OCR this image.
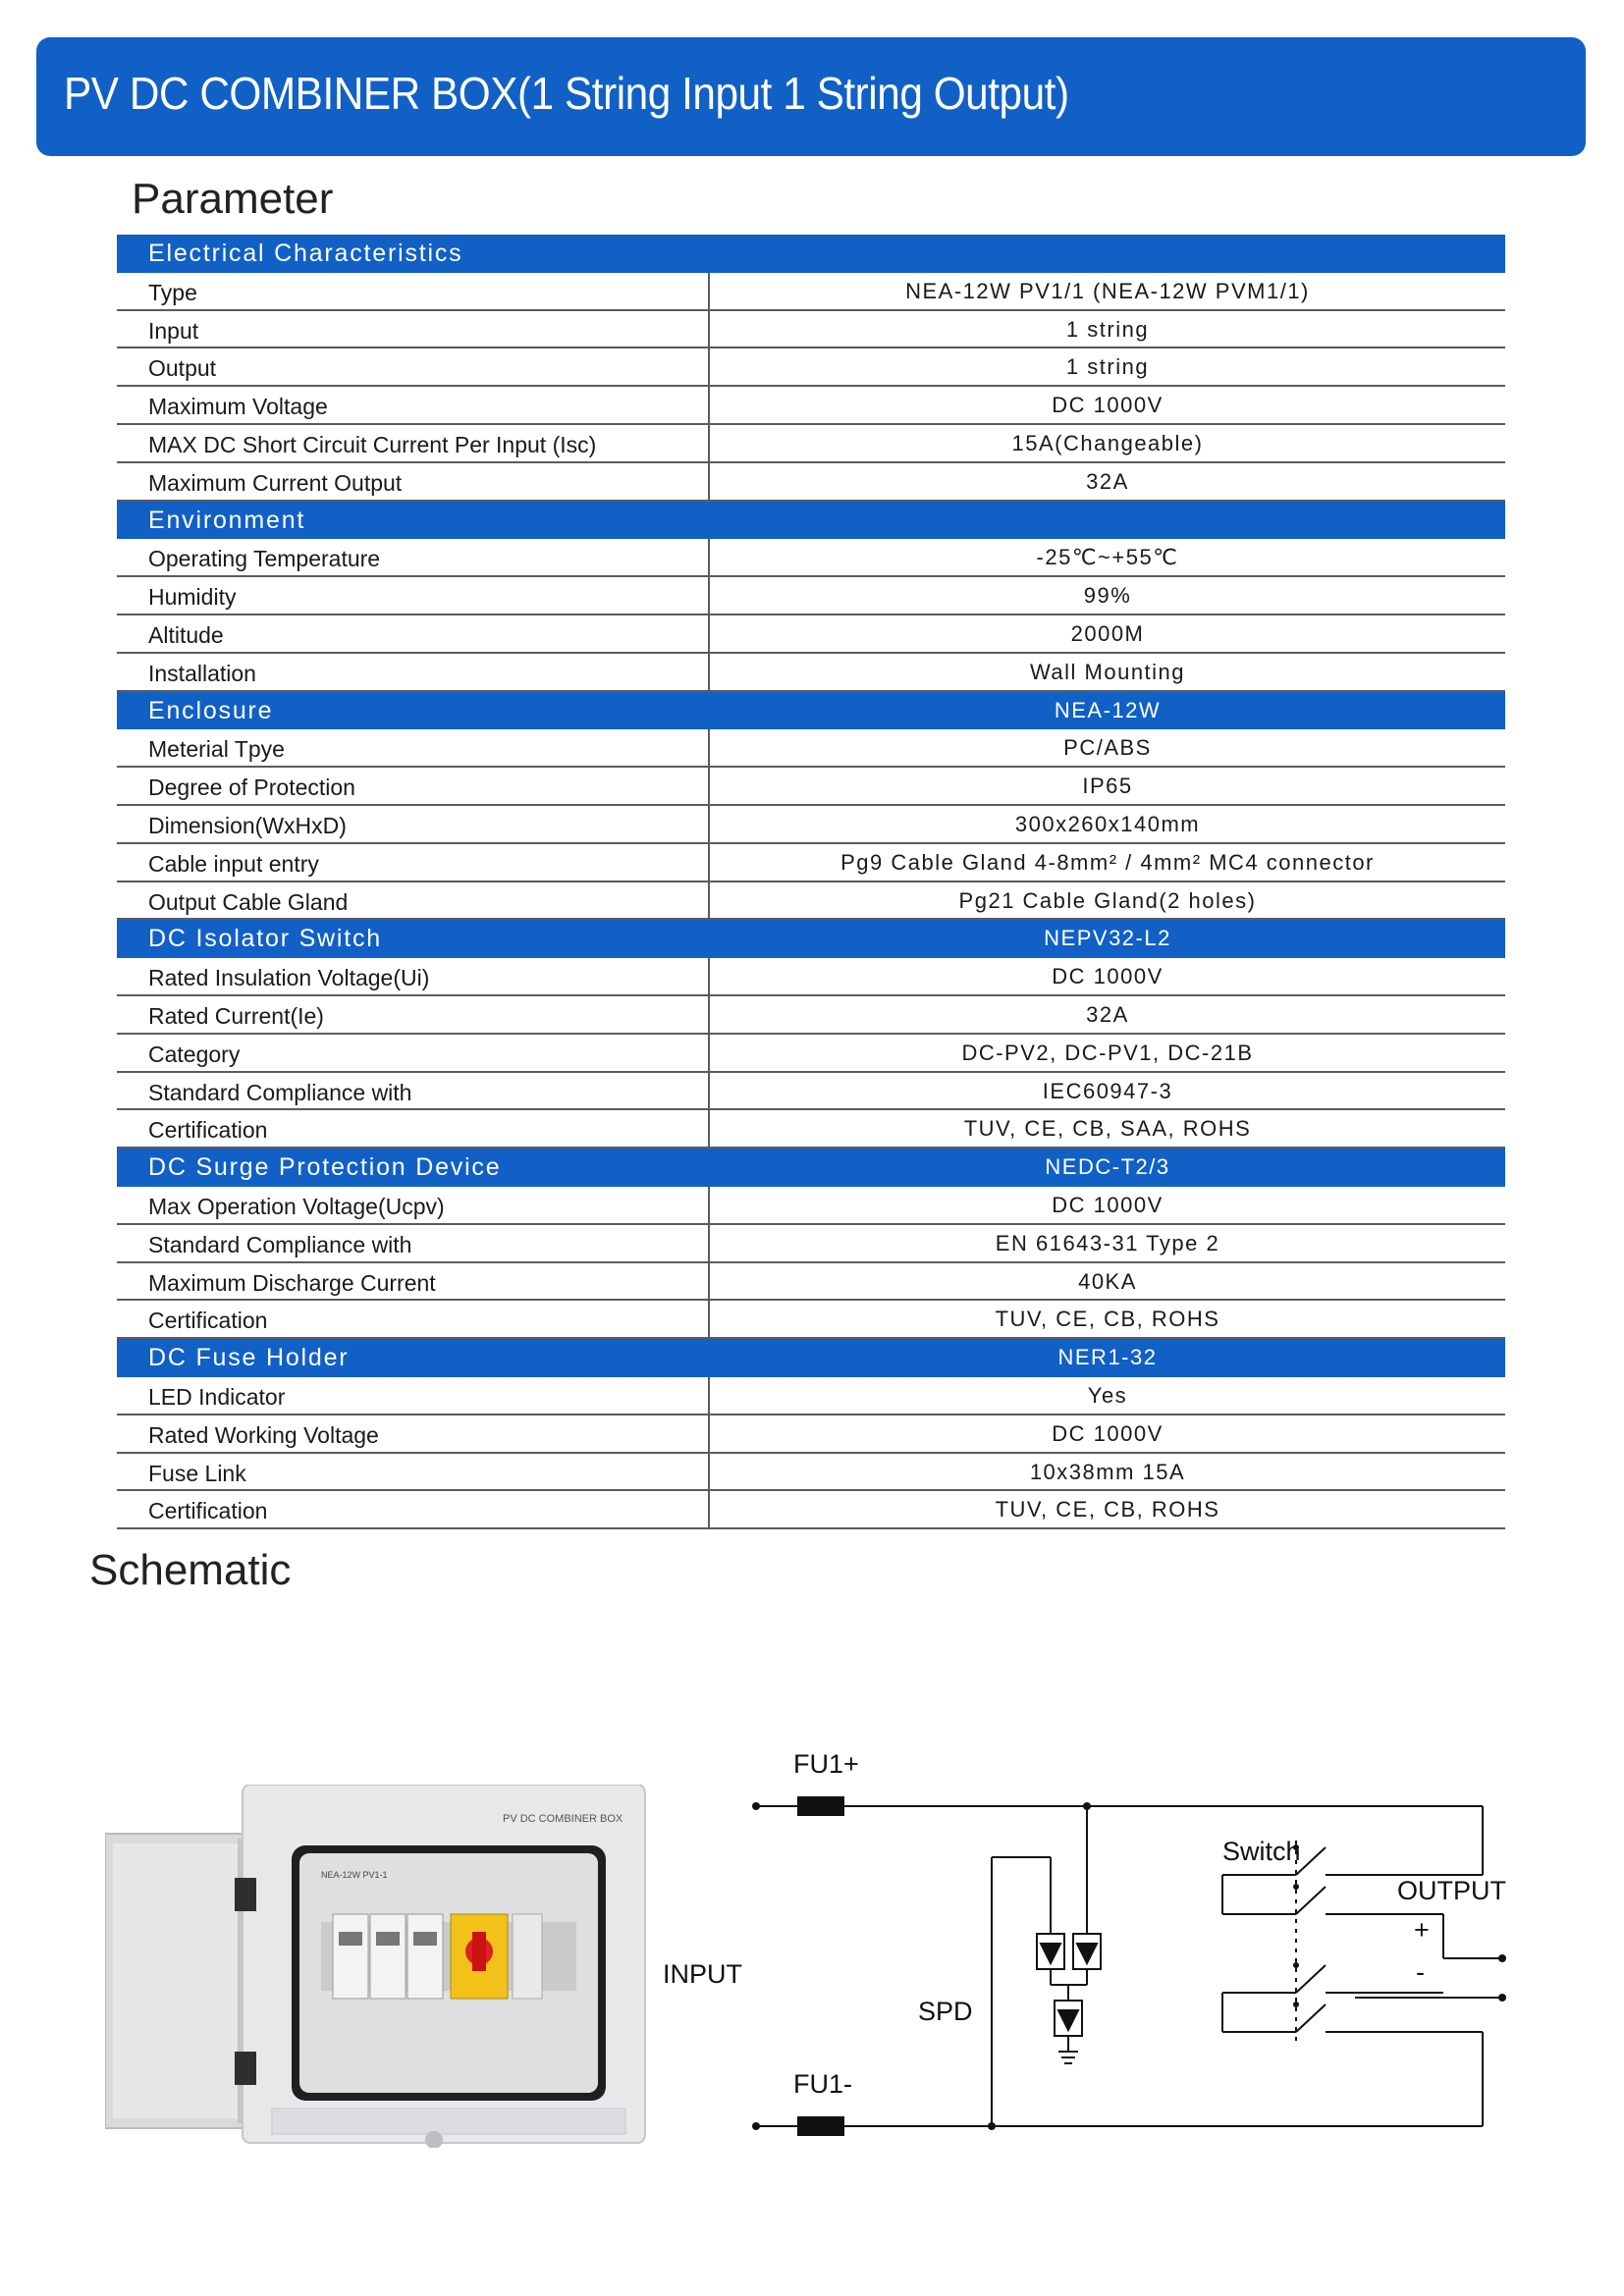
PV DC COMBINER BOX(1 String Input 1 String Output)
Parameter
Electrical Characteristics
Type	NEA-12W PV1/1 (NEA-12W PVM1/1)
Input	1 string
Output	1 string
Maximum Voltage	DC 1000V
MAX DC Short Circuit Current Per Input (Isc)	15A(Changeable)
Maximum Current Output	32A
Environment
Operating Temperature	-25℃~+55℃
Humidity	99%
Altitude	2000M
Installation	Wall Mounting
Enclosure	NEA-12W
Meterial Tpye	PC/ABS
Degree of Protection	IP65
Dimension(WxHxD)	300x260x140mm
Cable input entry	Pg9 Cable Gland 4-8mm² / 4mm² MC4 connector
Output Cable Gland	Pg21 Cable Gland(2 holes)
DC Isolator Switch	NEPV32-L2
Rated Insulation Voltage(Ui)	DC 1000V
Rated Current(Ie)	32A
Category	DC-PV2, DC-PV1, DC-21B
Standard Compliance with	IEC60947-3
Certification	TUV, CE, CB, SAA, ROHS
DC Surge Protection Device	NEDC-T2/3
Max Operation Voltage(Ucpv)	DC 1000V
Standard Compliance with	EN 61643-31 Type 2
Maximum Discharge Current	40KA
Certification	TUV, CE, CB, ROHS
DC Fuse Holder	NER1-32
LED Indicator	Yes
Rated Working Voltage	DC 1000V
Fuse Link	10x38mm 15A
Certification	TUV, CE, CB, ROHS
Schematic
PV DC COMBINER BOX
NEA-12W PV1-1
FU1+
FU1-
INPUT
SPD
Switch
OUTPUT
+
-
